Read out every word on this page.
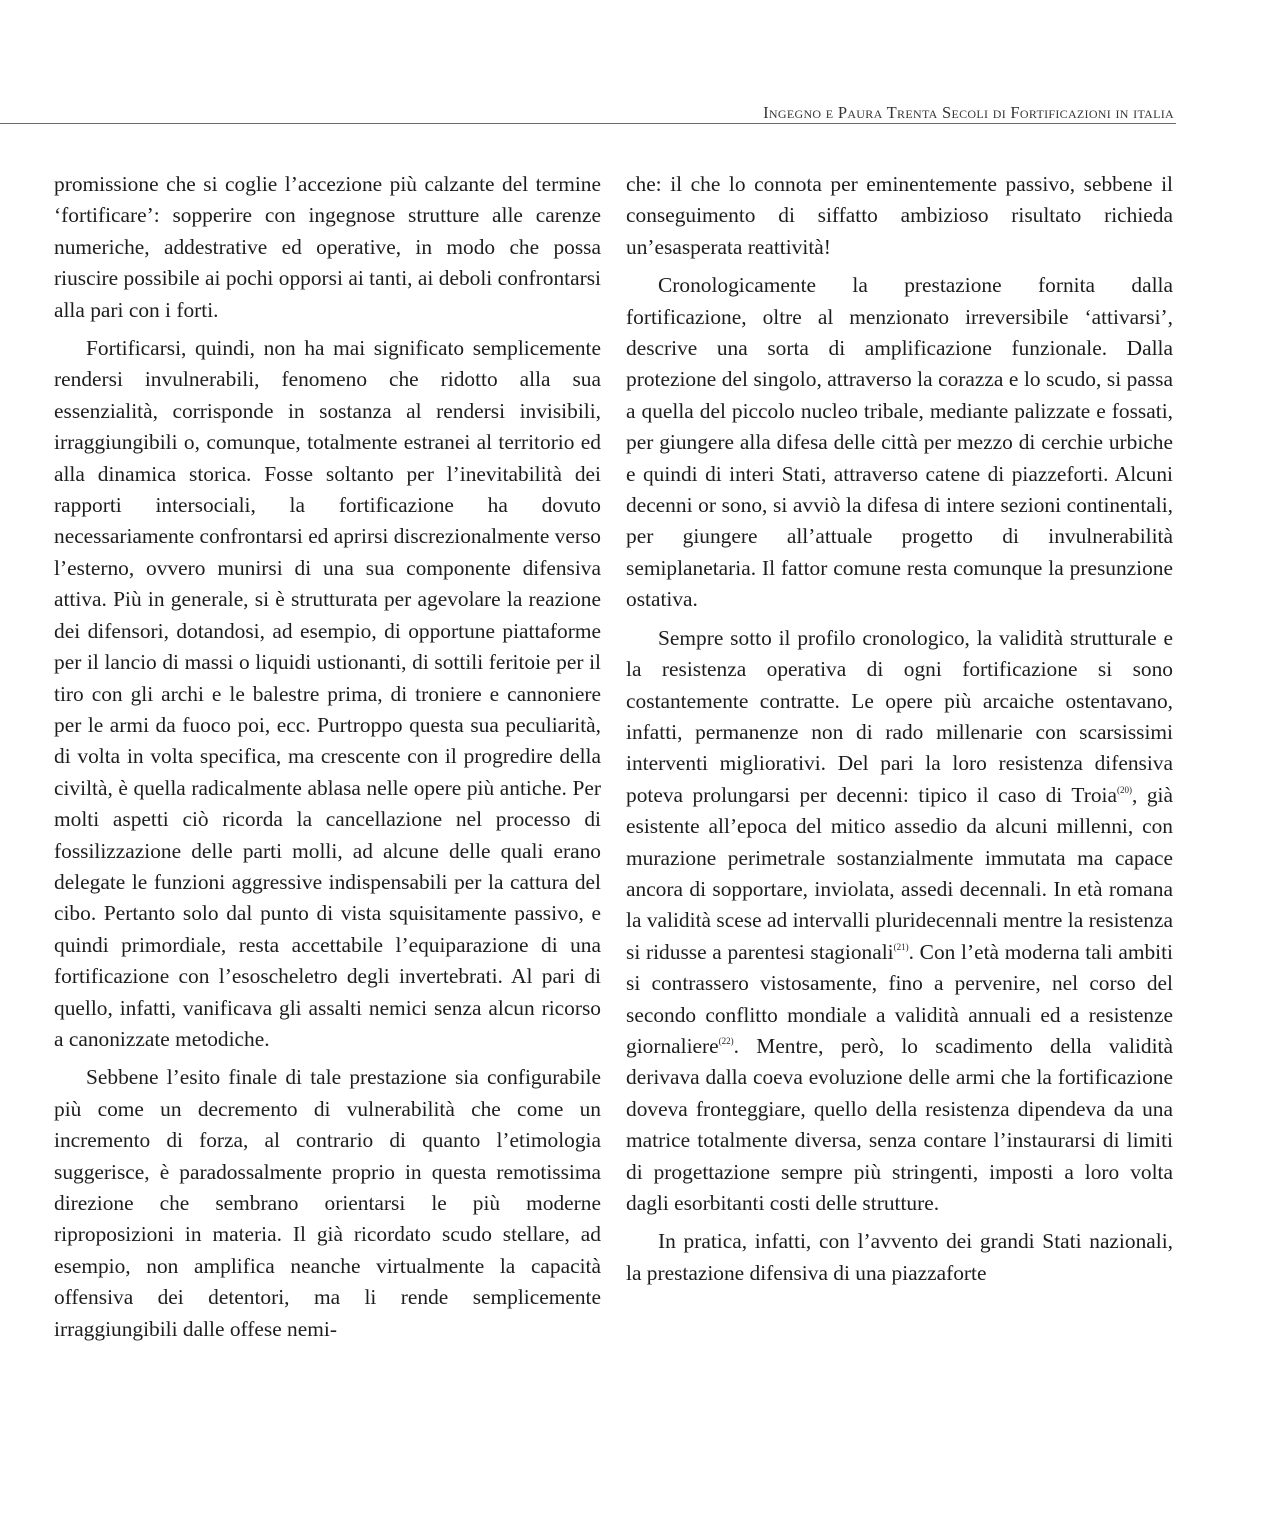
Ingegno e Paura Trenta Secoli di Fortificazioni in italia

promissione che si coglie l’accezione più calzante del termine ‘fortificare’: sopperire con ingegnose strutture alle carenze numeriche, addestrative ed operative, in modo che possa riuscire possibile ai pochi opporsi ai tanti, ai deboli confrontarsi alla pari con i forti.

Fortificarsi, quindi, non ha mai significato semplicemente rendersi invulnerabili, fenomeno che ridotto alla sua essenzialità, corrisponde in sostanza al rendersi invisibili, irraggiungibili o, comunque, totalmente estranei al territorio ed alla dinamica storica. Fosse soltanto per l’inevitabilità dei rapporti intersociali, la fortificazione ha dovuto necessariamente confrontarsi ed aprirsi discrezionalmente verso l’esterno, ovvero munirsi di una sua componente difensiva attiva. Più in generale, si è strutturata per agevolare la reazione dei difensori, dotandosi, ad esempio, di opportune piattaforme per il lancio di massi o liquidi ustionanti, di sottili feritoie per il tiro con gli archi e le balestre prima, di troniere e cannoniere per le armi da fuoco poi, ecc. Purtroppo questa sua peculiarità, di volta in volta specifica, ma crescente con il progredire della civiltà, è quella radicalmente ablasa nelle opere più antiche. Per molti aspetti ciò ricorda la cancellazione nel processo di fossilizzazione delle parti molli, ad alcune delle quali erano delegate le funzioni aggressive indispensabili per la cattura del cibo. Pertanto solo dal punto di vista squisitamente passivo, e quindi primordiale, resta accettabile l’equiparazione di una fortificazione con l’esoscheletro degli invertebrati. Al pari di quello, infatti, vanificava gli assalti nemici senza alcun ricorso a canonizzate metodiche.

Sebbene l’esito finale di tale prestazione sia configurabile più come un decremento di vulnerabilità che come un incremento di forza, al contrario di quanto l’etimologia suggerisce, è paradossalmente proprio in questa remotissima direzione che sembrano orientarsi le più moderne riproposizioni in materia. Il già ricordato scudo stellare, ad esempio, non amplifica neanche virtualmente la capacità offensiva dei detentori, ma li rende semplicemente irraggiungibili dalle offese nemi-

che: il che lo connota per eminentemente passivo, sebbene il conseguimento di siffatto ambizioso risultato richieda un’esasperata reattività!

Cronologicamente la prestazione fornita dalla fortificazione, oltre al menzionato irreversibile ‘attivarsi’, descrive una sorta di amplificazione funzionale. Dalla protezione del singolo, attraverso la corazza e lo scudo, si passa a quella del piccolo nucleo tribale, mediante palizzate e fossati, per giungere alla difesa delle città per mezzo di cerchie urbiche e quindi di interi Stati, attraverso catene di piazzeforti. Alcuni decenni or sono, si avviò la difesa di intere sezioni continentali, per giungere all’attuale progetto di invulnerabilità semiplanetaria. Il fattor comune resta comunque la presunzione ostativa.

Sempre sotto il profilo cronologico, la validità strutturale e la resistenza operativa di ogni fortificazione si sono costantemente contratte. Le opere più arcaiche ostentavano, infatti, permanenze non di rado millenarie con scarsissimi interventi migliorativi. Del pari la loro resistenza difensiva poteva prolungarsi per decenni: tipico il caso di Troia$^{(20)}$, già esistente all’epoca del mitico assedio da alcuni millenni, con murazione perimetrale sostanzialmente immutata ma capace ancora di sopportare, inviolata, assedi decennali. In età romana la validità scese ad intervalli pluridecennali mentre la resistenza si ridusse a parentesi stagionali$^{(21)}$. Con l’età moderna tali ambiti si contrassero vistosamente, fino a pervenire, nel corso del secondo conflitto mondiale a validità annuali ed a resistenze giornaliere$^{(22)}$. Mentre, però, lo scadimento della validità derivava dalla coeva evoluzione delle armi che la fortificazione doveva fronteggiare, quello della resistenza dipendeva da una matrice totalmente diversa, senza contare l’instaurarsi di limiti di progettazione sempre più stringenti, imposti a loro volta dagli esorbitanti costi delle strutture.

In pratica, infatti, con l’avvento dei grandi Stati nazionali, la prestazione difensiva di una piazzaforte
